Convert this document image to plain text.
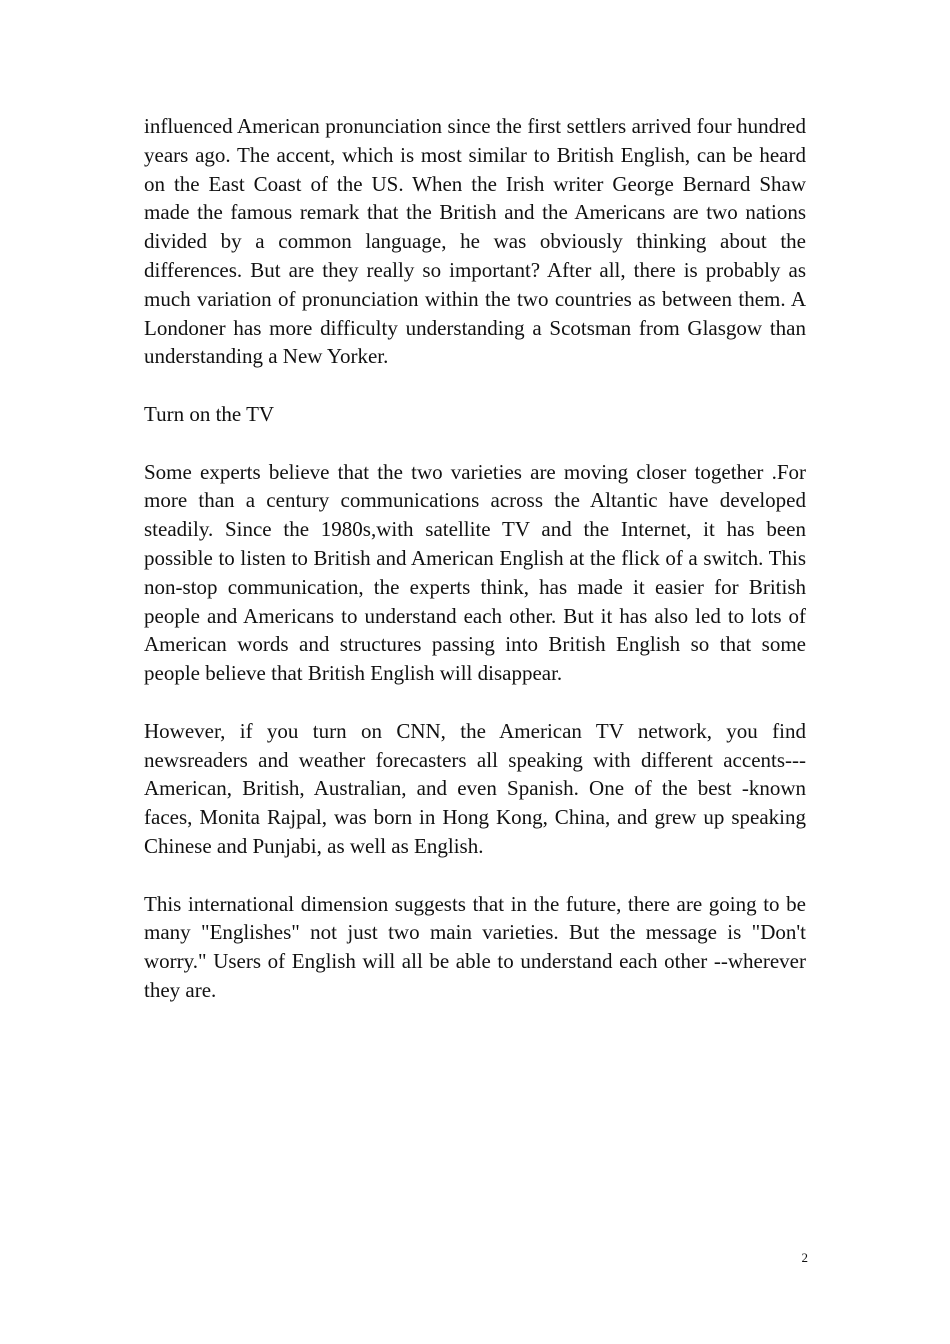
influenced American pronunciation since the first settlers arrived four hundred years ago. The accent, which is most similar to British English, can be heard on the East Coast of the US. When the Irish writer George Bernard Shaw made the famous remark that the British and the Americans are two nations divided by a common language, he was obviously thinking about the differences. But are they really so important? After all, there is probably as much variation of pronunciation within the two countries as between them. A Londoner has more difficulty understanding a Scotsman from Glasgow than understanding a New Yorker.

Turn on the TV

Some experts believe that the two varieties are moving closer together .For more than a century communications across the Altantic have developed steadily. Since the 1980s,with satellite TV and the Internet, it has been possible to listen to British and American English at the flick of a switch. This non-stop communication, the experts think, has made it easier for British people and Americans to understand each other. But it has also led to lots of American words and structures passing into British English so that some people believe that British English will disappear.

However, if you turn on CNN, the American TV network, you find newsreaders and weather forecasters all speaking with different accents---American, British, Australian, and even Spanish. One of the best -known faces, Monita Rajpal, was born in Hong Kong, China, and grew up speaking Chinese and Punjabi, as well as English.

This international dimension suggests that in the future, there are going to be many "Englishes" not just two main varieties. But the message is "Don't worry." Users of English will all be able to understand each other --wherever they are.

2
